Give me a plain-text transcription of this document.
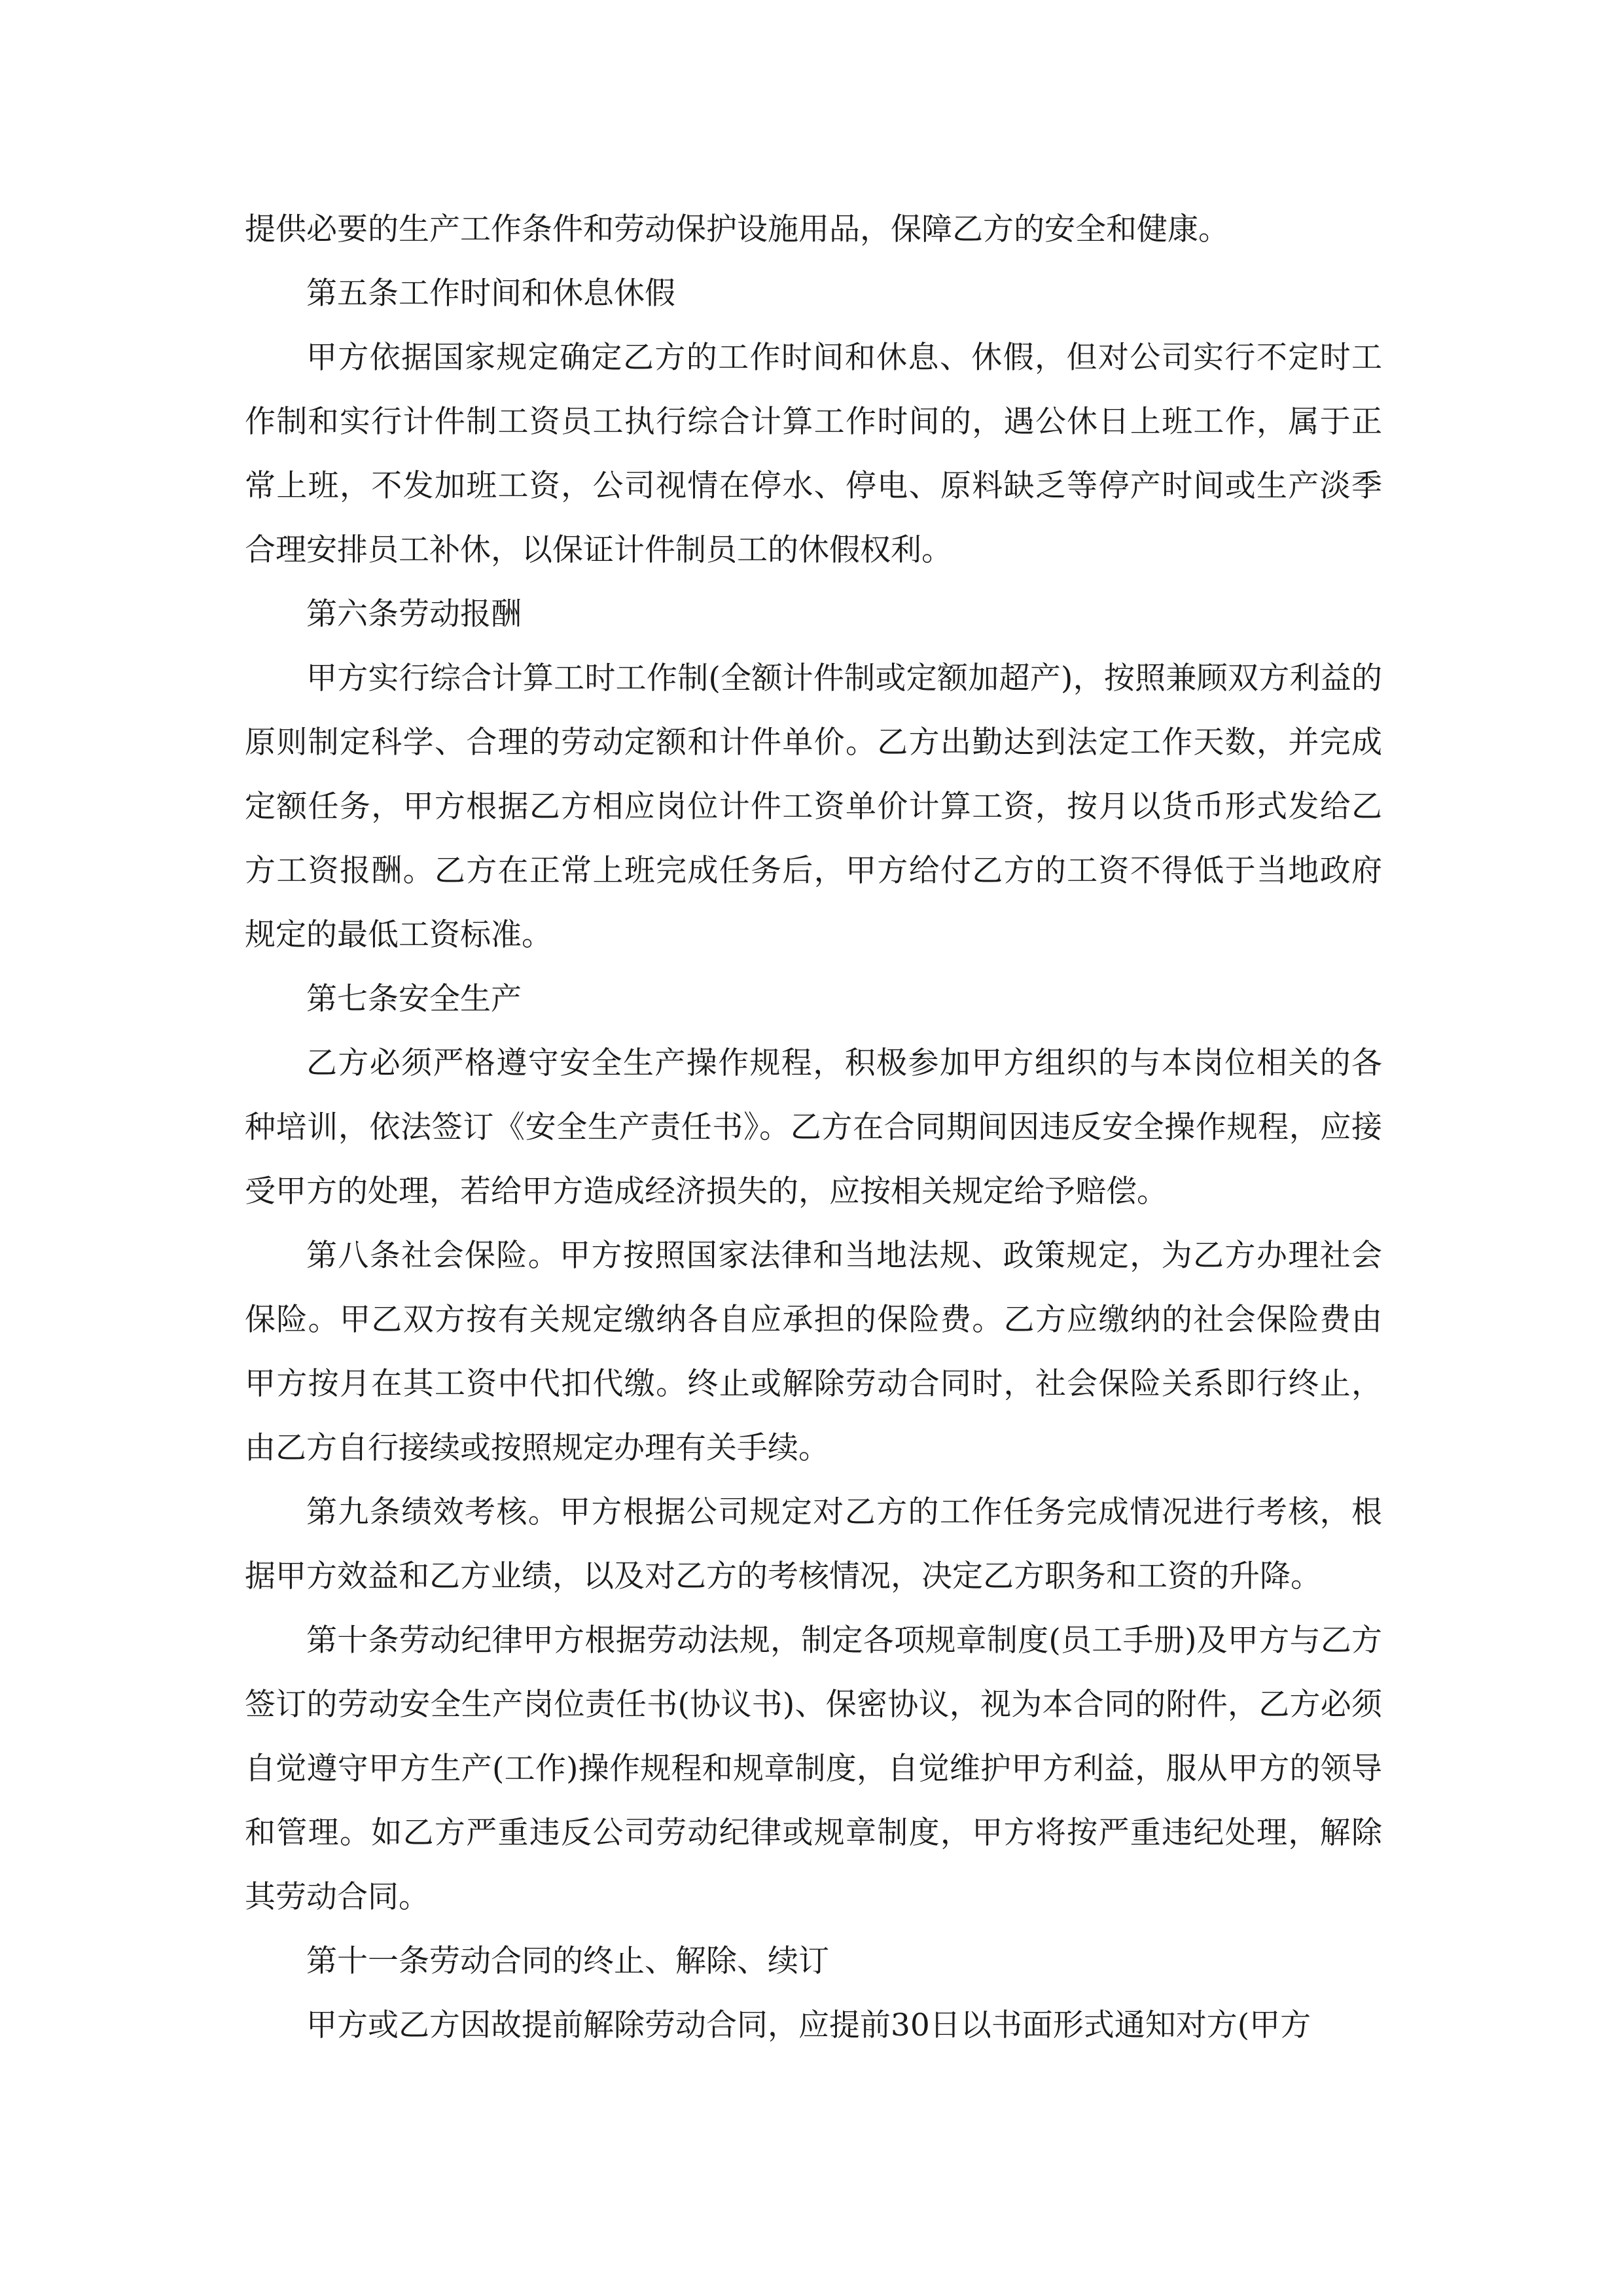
提供必要的生产工作条件和劳动保护设施用品，保障乙方的安全和健康。

第五条工作时间和休息休假

甲方依据国家规定确定乙方的工作时间和休息、休假，但对公司实行不定时工作制和实行计件制工资员工执行综合计算工作时间的，遇公休日上班工作，属于正常上班，不发加班工资，公司视情在停水、停电、原料缺乏等停产时间或生产淡季合理安排员工补休，以保证计件制员工的休假权利。

第六条劳动报酬

甲方实行综合计算工时工作制(全额计件制或定额加超产)，按照兼顾双方利益的原则制定科学、合理的劳动定额和计件单价。乙方出勤达到法定工作天数，并完成定额任务，甲方根据乙方相应岗位计件工资单价计算工资，按月以货币形式发给乙方工资报酬。乙方在正常上班完成任务后，甲方给付乙方的工资不得低于当地政府规定的最低工资标准。

第七条安全生产

乙方必须严格遵守安全生产操作规程，积极参加甲方组织的与本岗位相关的各种培训，依法签订《安全生产责任书》。乙方在合同期间因违反安全操作规程，应接受甲方的处理，若给甲方造成经济损失的，应按相关规定给予赔偿。

第八条社会保险。甲方按照国家法律和当地法规、政策规定，为乙方办理社会保险。甲乙双方按有关规定缴纳各自应承担的保险费。乙方应缴纳的社会保险费由甲方按月在其工资中代扣代缴。终止或解除劳动合同时，社会保险关系即行终止，由乙方自行接续或按照规定办理有关手续。

第九条绩效考核。甲方根据公司规定对乙方的工作任务完成情况进行考核，根据甲方效益和乙方业绩，以及对乙方的考核情况，决定乙方职务和工资的升降。

第十条劳动纪律甲方根据劳动法规，制定各项规章制度(员工手册)及甲方与乙方签订的劳动安全生产岗位责任书(协议书)、保密协议，视为本合同的附件，乙方必须自觉遵守甲方生产(工作)操作规程和规章制度，自觉维护甲方利益，服从甲方的领导和管理。如乙方严重违反公司劳动纪律或规章制度，甲方将按严重违纪处理，解除其劳动合同。

第十一条劳动合同的终止、解除、续订

甲方或乙方因故提前解除劳动合同，应提前30日以书面形式通知对方(甲方
